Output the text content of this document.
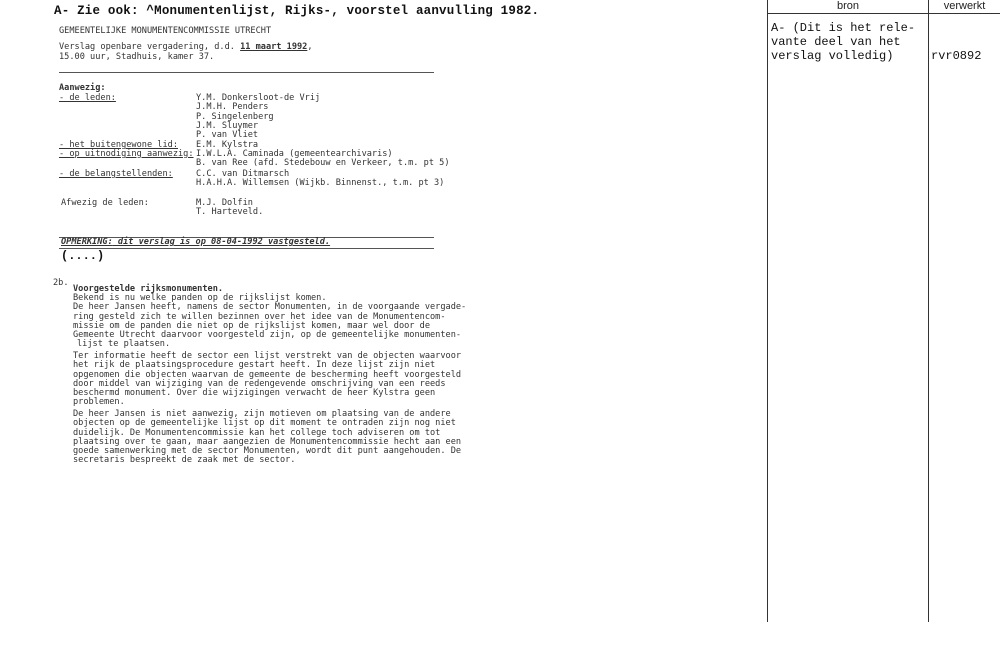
A- Zie ook: ^Monumentenlijst, Rijks-, voorstel aanvulling 1982.	bron	verwerkt
A- (Dit is het rele-
vante deel van het
verslag volledig)	rvr0892
GEMEENTELIJKE MONUMENTENCOMMISSIE UTRECHT
Verslag openbare vergadering, d.d. 11 maart 1992,
15.00 uur, Stadhuis, kamer 37.
Aanwezig:
- de leden:	Y.M. Donkersloot-de Vrij
J.M.H. Penders
P. Singelenberg
J.M. Sluymer
P. van Vliet
- het buitengewone lid: E.M. Kylstra
- op uitnodiging aanwezig: I.W.L.A. Caminada (gemeentearchivaris)
B. van Ree (afd. Stedebouw en Verkeer, t.m. pt 5)
- de belangstellenden:	C.C. van Ditmarsch
H.A.H.A. Willemsen (Wijkb. Binnenst., t.m. pt 3)
Afwezig de leden:	M.J. Dolfin
T. Harteveld.
OPMERKING: dit verslag is op 08-04-1992 vastgesteld.
(....)
2b.
Voorgestelde rijksmonumenten.
Bekend is nu welke panden op de rijkslijst komen.
De heer Jansen heeft, namens de sector Monumenten, in de voorgaande vergade-
ring gesteld zich te willen bezinnen over het idee van de Monumentencom-
missie om de panden die niet op de rijkslijst komen, maar wel door de
Gemeente Utrecht daarvoor voorgesteld zijn, op de gemeentelijke monumenten-
lijst te plaatsen.
Ter informatie heeft de sector een lijst verstrekt van de objecten waarvoor
het rijk de plaatsingsprocedure gestart heeft. In deze lijst zijn niet
opgenomen die objecten waarvan de gemeente de bescherming heeft voorgesteld
door middel van wijziging van de redengevende omschrijving van een reeds
beschermd monument. Over die wijzigingen verwacht de heer Kylstra geen
problemen.
De heer Jansen is niet aanwezig, zijn motieven om plaatsing van de andere
objecten op de gemeentelijke lijst op dit moment te ontraden zijn nog niet
duidelijk. De Monumentencommissie kan het college toch adviseren om tot
plaatsing over te gaan, maar aangezien de Monumentencommissie hecht aan een
goede samenwerking met de sector Monumenten, wordt dit punt aangehouden. De
secretaris bespreekt de zaak met de sector.
